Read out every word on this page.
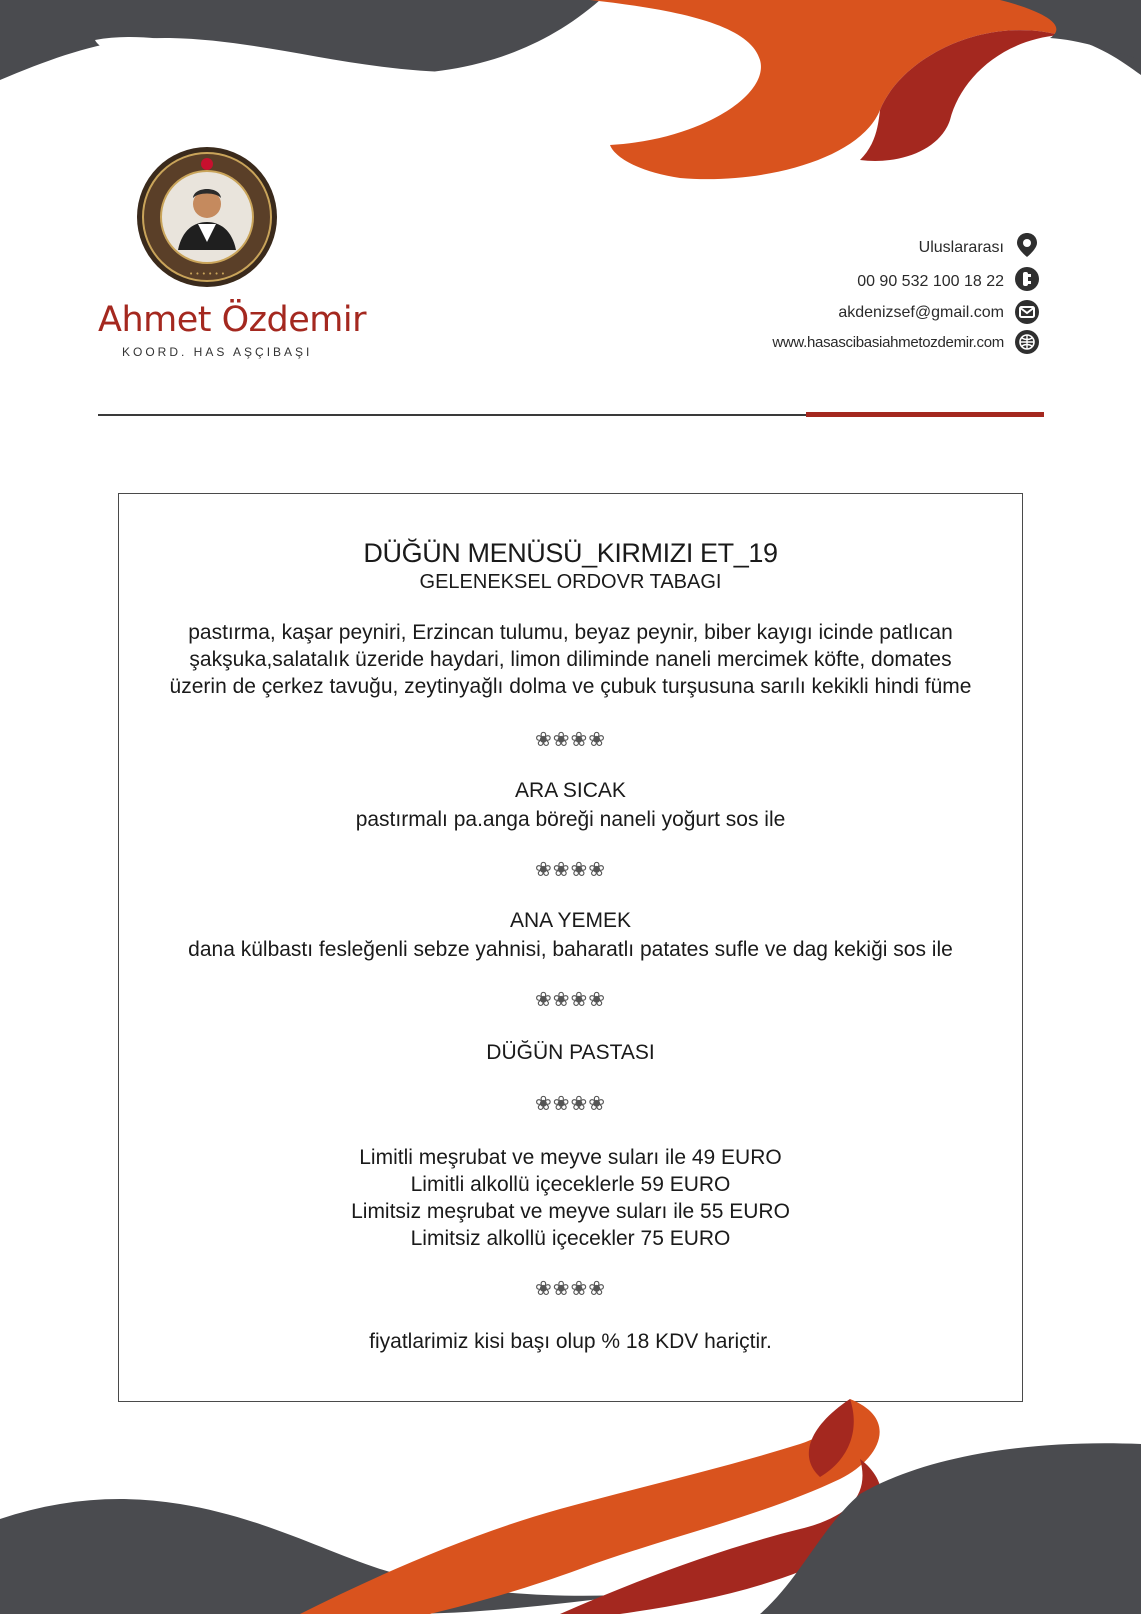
• • • • • •
Ahmet Özdemir
KOORD. HAS AŞÇIBAŞI
Uluslararası
00 90 532 100 18 22
akdenizsef@gmail.com
www.hasascibasiahmetozdemir.com
DÜĞÜN MENÜSÜ_KIRMIZI ET_19
GELENEKSEL ORDOVR TABAGI
pastırma, kaşar peyniri, Erzincan tulumu, beyaz peynir, biber kayıgı icinde patlıcan
şakşuka,salatalık üzeride haydari, limon diliminde naneli mercimek köfte, domates
üzerin de çerkez tavuğu, zeytinyağlı dolma ve çubuk turşusuna sarılı kekikli hindi füme
❀❀❀❀
ARA SICAK
pastırmalı pa.anga böreği naneli yoğurt sos ile
❀❀❀❀
ANA YEMEK
dana külbastı fesleğenli sebze yahnisi, baharatlı patates sufle ve dag kekiği sos ile
❀❀❀❀
DÜĞÜN PASTASI
❀❀❀❀
Limitli meşrubat ve meyve suları ile 49 EURO
Limitli alkollü içeceklerle 59 EURO
Limitsiz meşrubat ve meyve suları ile 55 EURO
Limitsiz alkollü içecekler 75 EURO
❀❀❀❀
fiyatlarimiz kisi başı olup % 18 KDV hariçtir.
